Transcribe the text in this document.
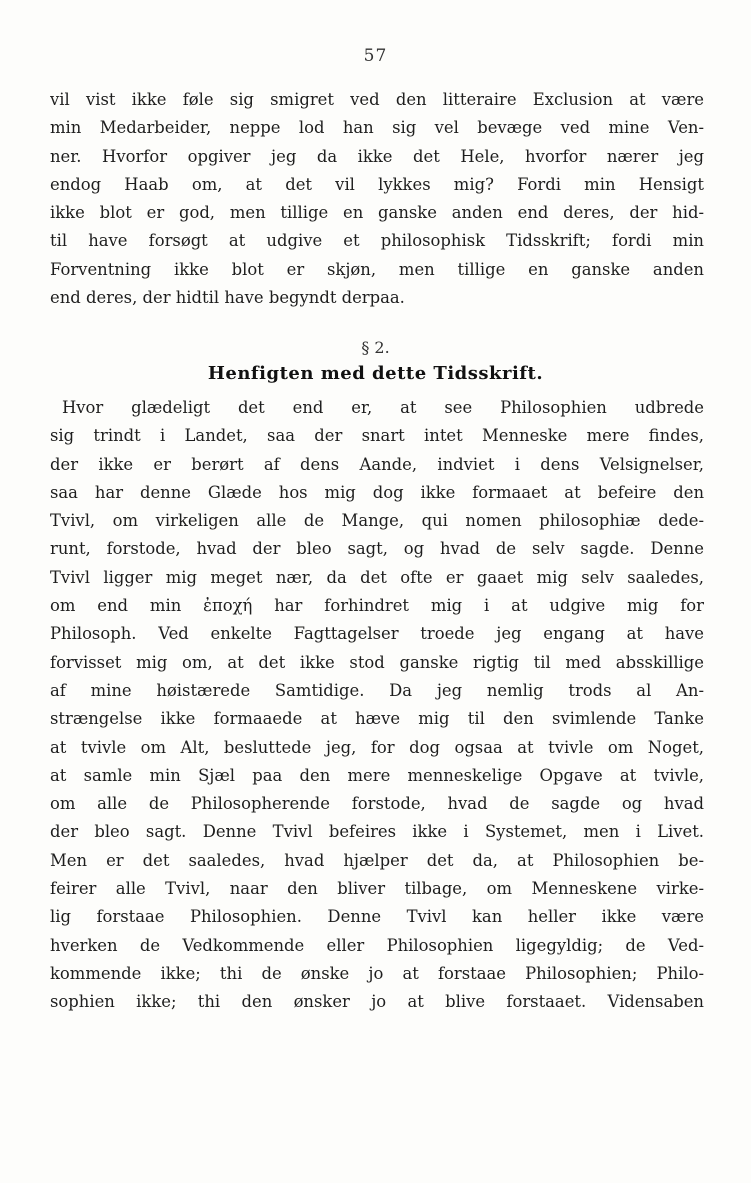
57
vil vist ikke føle sig smigret ved den litteraire Exclusion at være
min Medarbeider, neppe lod han sig vel bevæge ved mine Ven-
ner. Hvorfor opgiver jeg da ikke det Hele, hvorfor nærer jeg
endog Haab om, at det vil lykkes mig? Fordi min Hensigt
ikke blot er god, men tillige en ganske anden end deres, der hid-
til have forsøgt at udgive et philosophisk Tidsskrift; fordi min
Forventning ikke blot er skjøn, men tillige en ganske anden
end deres, der hidtil have begyndt derpaa.
§ 2.
Henfigten med dette Tidsskrift.
Hvor glædeligt det end er, at see Philosophien udbrede
sig trindt i Landet, saa der snart intet Menneske mere findes,
der ikke er berørt af dens Aande, indviet i dens Velsignelser,
saa har denne Glæde hos mig dog ikke formaaet at befeire den
Tvivl, om virkeligen alle de Mange, qui nomen philosophiæ dede-
runt, forstode, hvad der bleo sagt, og hvad de selv sagde. Denne
Tvivl ligger mig meget nær, da det ofte er gaaet mig selv saaledes,
om end min ἐποχή har forhindret mig i at udgive mig for
Philosoph. Ved enkelte Fagttagelser troede jeg engang at have
forvisset mig om, at det ikke stod ganske rigtig til med absskillige
af mine høistærede Samtidige. Da jeg nemlig trods al An-
strængelse ikke formaaede at hæve mig til den svimlende Tanke
at tvivle om Alt, besluttede jeg, for dog ogsaa at tvivle om Noget,
at samle min Sjæl paa den mere menneskelige Opgave at tvivle,
om alle de Philosopherende forstode, hvad de sagde og hvad
der bleo sagt. Denne Tvivl befeires ikke i Systemet, men i Livet.
Men er det saaledes, hvad hjælper det da, at Philosophien be-
feirer alle Tvivl, naar den bliver tilbage, om Menneskene virke-
lig forstaae Philosophien. Denne Tvivl kan heller ikke være
hverken de Vedkommende eller Philosophien ligegyldig; de Ved-
kommende ikke; thi de ønske jo at forstaae Philosophien; Philo-
sophien ikke; thi den ønsker jo at blive forstaaet. Vidensaben
